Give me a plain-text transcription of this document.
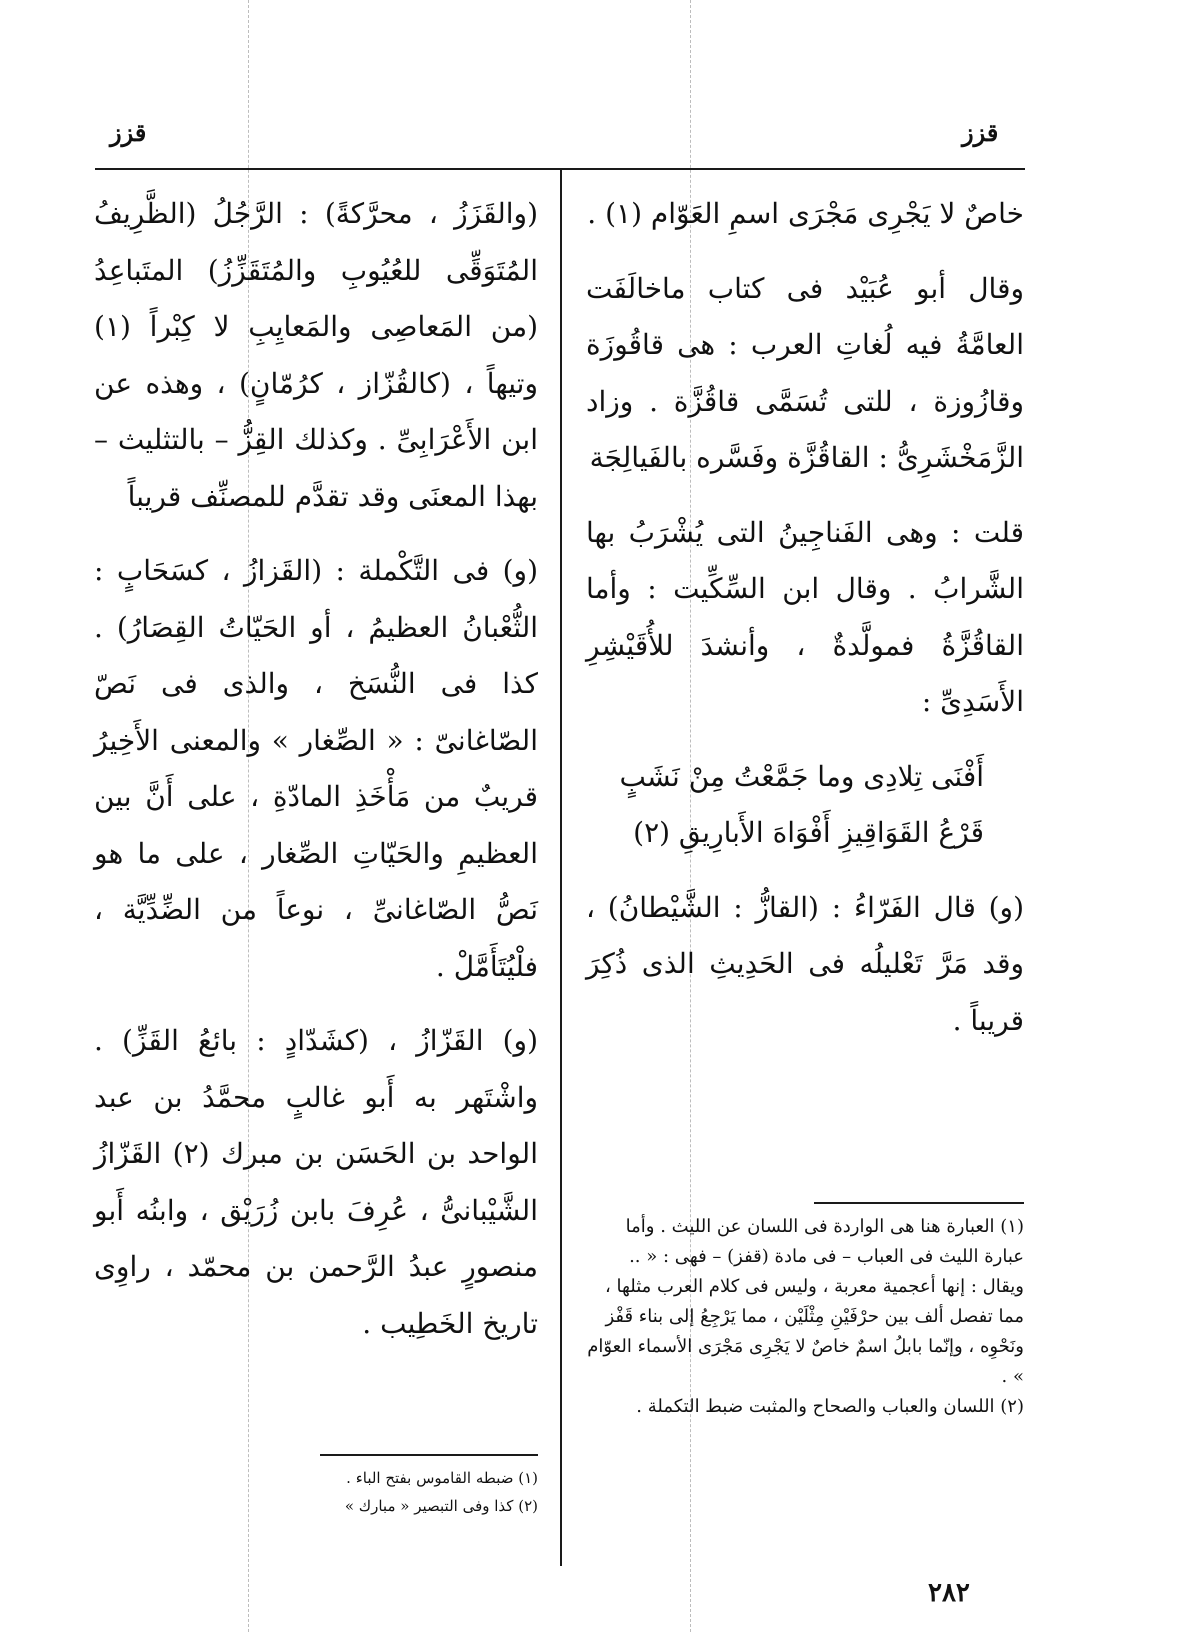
قزز
قزز

خاصٌ لا يَجْرِى مَجْرَى اسمِ العَوّام (١) .

وقال أبو عُبَيْد فى كتاب ماخالَفَت العامَّةُ فيه لُغاتِ العرب : هى قاقُوزَة وقازُوزة ، للتى تُسَمَّى قاقُزَّة . وزاد الزَّمَخْشَرِىُّ : القاقُزَّة وفَسَّره بالفَيالِجَة

قلت : وهى الفَناجِينُ التى يُشْرَبُ بها الشَّرابُ . وقال ابن السِّكِّيت : وأما القاقُزَّةُ فمولَّدةٌ ، وأنشدَ للأُقَيْشِرِ الأَسَدِىِّ :

أَفْنَى تِلادِى وما جَمَّعْتُ مِنْ نَشَبٍ
قَرْعُ القَوَاقِيزِ أَفْوَاهَ الأَبارِيقِ (٢)

(و) قال الفَرّاءُ : (القازُّ : الشَّيْطانُ) ، وقد مَرَّ تَعْليلُه فى الحَدِيثِ الذى ذُكِرَ قريباً .

(والقَزَزُ ، محرَّكةً) : الرَّجُلُ (الظَّرِيفُ المُتَوَقِّى للعُيُوبِ والمُتَقَزِّزُ) المتَباعِدُ (من المَعاصِى والمَعايِبِ لا كِبْراً (١) وتيهاً ، (كالقُزّاز ، كرُمّانٍ) ، وهذه عن ابن الأَعْرَابِىِّ . وكذلك القِزُّ – بالتثليث – بهذا المعنَى وقد تقدَّم للمصنِّف قريباً

(و) فى التَّكْملة : (القَزازُ ، كسَحَابٍ : الثُّعْبانُ العظيمُ ، أو الحَيّاتُ القِصَارُ) . كذا فى النُّسَخ ، والذى فى نَصّ الصّاغانىّ : « الصِّغار » والمعنى الأَخِيرُ قريبٌ من مَأْخَذِ المادّةِ ، على أَنَّ بين العظيمِ والحَيّاتِ الصِّغار ، على ما هو نَصُّ الصّاغانىِّ ، نوعاً من الضِّدِّيَّة ، فلْيُتَأَمَّلْ .

(و) القَزّازُ ، (كشَدّادٍ : بائعُ القَزِّ) . واشْتَهر به أَبو غالبٍ محمَّدُ بن عبد الواحد بن الحَسَن بن مبرك (٢) القَزّازُ الشَّيْبانىُّ ، عُرِفَ بابن زُرَيْق ، وابنُه أَبو منصورٍ عبدُ الرَّحمن بن محمّد ، راوِى تاريخ الخَطِيب .

(١) العبارة هنا هى الواردة فى اللسان عن الليث . وأما عبارة الليث فى العباب – فى مادة (قفز) – فهى : « .. ويقال : إنها أعجمية معربة ، وليس فى كلام العرب مثلها ، مما تفصل ألف بين حرْفَيْنِ مِثْلَيْن ، مما يَرْجِعُ إلى بناء قَفْز ونَحْوِه ، وإنّما بابلُ اسمٌ خاصٌ لا يَجْرِى مَجْرَى الأسماء العوّام » .

(٢) اللسان والعباب والصحاح والمثبت ضبط التكملة .

(١) ضبطه القاموس بفتح الباء .

(٢) كذا وفى التبصير « مبارك »

٢٨٢
